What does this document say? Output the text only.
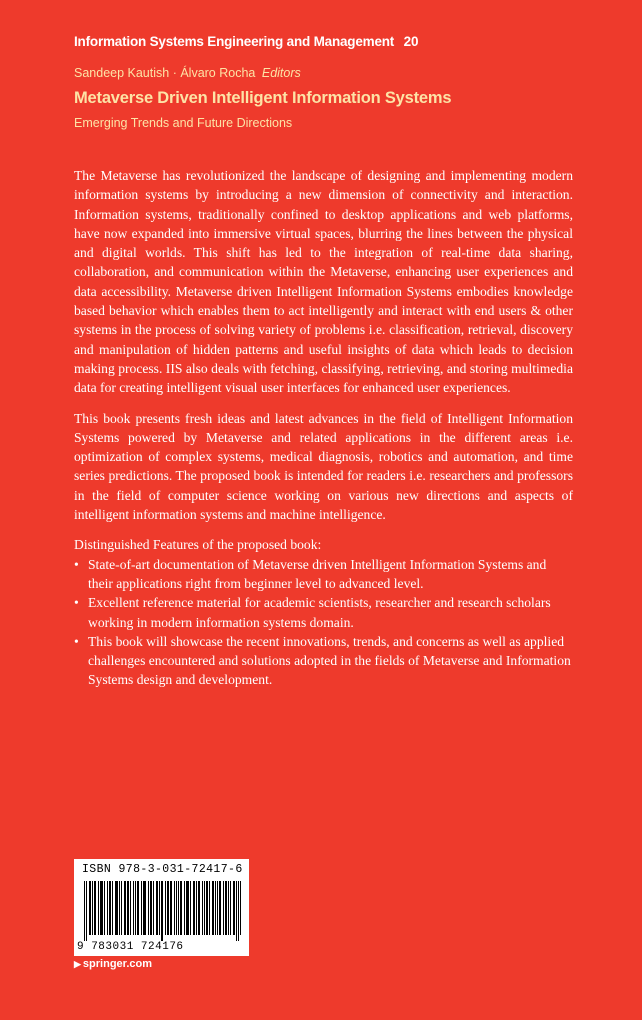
Information Systems Engineering and Management 20
Sandeep Kautish · Álvaro Rocha Editors
Metaverse Driven Intelligent Information Systems
Emerging Trends and Future Directions

The Metaverse has revolutionized the landscape of designing and implementing modern information systems by introducing a new dimension of connectivity and interaction. Information systems, traditionally confined to desktop applications and web platforms, have now expanded into immersive virtual spaces, blurring the lines between the physical and digital worlds. This shift has led to the integration of real-time data sharing, collaboration, and communication within the Metaverse, enhancing user experiences and data accessibility. Metaverse driven Intelligent Information Systems embodies knowledge based behavior which enables them to act intelligently and interact with end users & other systems in the process of solving variety of problems i.e. classification, retrieval, discovery and manipulation of hidden patterns and useful insights of data which leads to decision making process. IIS also deals with fetching, classifying, retrieving, and storing multimedia data for creating intelligent visual user interfaces for enhanced user experiences.

This book presents fresh ideas and latest advances in the field of Intelligent Information Systems powered by Metaverse and related applications in the different areas i.e. optimization of complex systems, medical diagnosis, robotics and automation, and time series predictions. The proposed book is intended for readers i.e. researchers and professors in the field of computer science working on various new directions and aspects of intelligent information systems and machine intelligence.

Distinguished Features of the proposed book:
• State-of-art documentation of Metaverse driven Intelligent Information Systems and their applications right from beginner level to advanced level.
• Excellent reference material for academic scientists, researcher and research scholars working in modern information systems domain.
• This book will showcase the recent innovations, trends, and concerns as well as applied challenges encountered and solutions adopted in the fields of Metaverse and Information Systems design and development.
ISBN 978-3-031-72417-6
9 783031 724176
▶ springer.com
